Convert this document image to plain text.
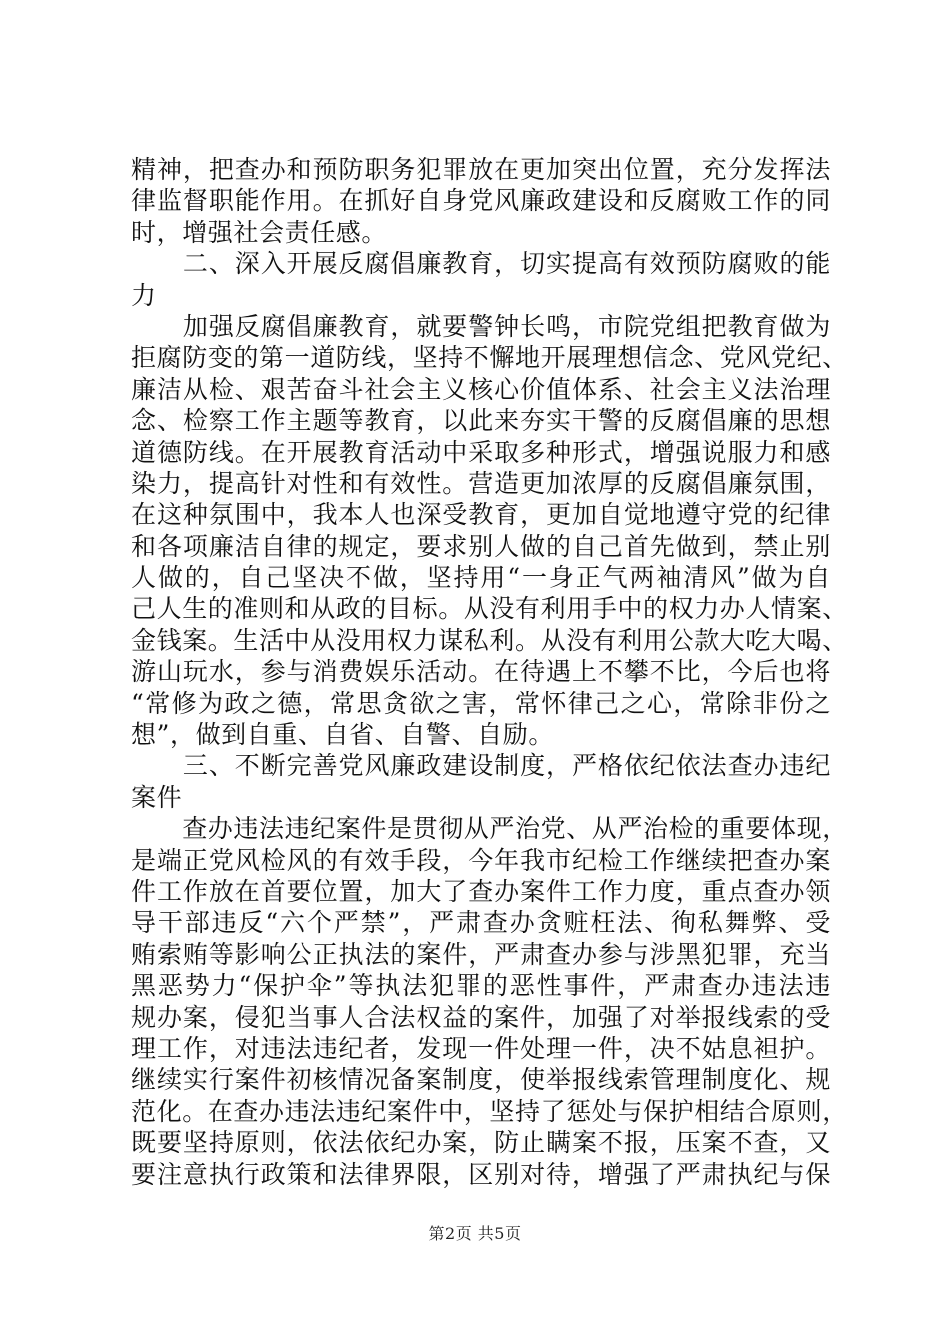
精神，把查办和预防职务犯罪放在更加突出位置，充分发挥法
律监督职能作用。在抓好自身党风廉政建设和反腐败工作的同
时，增强社会责任感。
　　二、深入开展反腐倡廉教育，切实提高有效预防腐败的能
力
　　加强反腐倡廉教育，就要警钟长鸣，市院党组把教育做为
拒腐防变的第一道防线，坚持不懈地开展理想信念、党风党纪、
廉洁从检、艰苦奋斗社会主义核心价值体系、社会主义法治理
念、检察工作主题等教育，以此来夯实干警的反腐倡廉的思想
道德防线。在开展教育活动中采取多种形式，增强说服力和感
染力，提高针对性和有效性。营造更加浓厚的反腐倡廉氛围，
在这种氛围中，我本人也深受教育，更加自觉地遵守党的纪律
和各项廉洁自律的规定，要求别人做的自己首先做到，禁止别
人做的，自己坚决不做，坚持用“一身正气两袖清风”做为自
己人生的准则和从政的目标。从没有利用手中的权力办人情案、
金钱案。生活中从没用权力谋私利。从没有利用公款大吃大喝、
游山玩水，参与消费娱乐活动。在待遇上不攀不比，今后也将
“常修为政之德，常思贪欲之害，常怀律己之心，常除非份之
想”，做到自重、自省、自警、自励。
　　三、不断完善党风廉政建设制度，严格依纪依法查办违纪
案件
　　查办违法违纪案件是贯彻从严治党、从严治检的重要体现，
是端正党风检风的有效手段，今年我市纪检工作继续把查办案
件工作放在首要位置，加大了查办案件工作力度，重点查办领
导干部违反“六个严禁”，严肃查办贪赃枉法、徇私舞弊、受
贿索贿等影响公正执法的案件，严肃查办参与涉黑犯罪，充当
黑恶势力“保护伞”等执法犯罪的恶性事件，严肃查办违法违
规办案，侵犯当事人合法权益的案件，加强了对举报线索的受
理工作，对违法违纪者，发现一件处理一件，决不姑息袒护。
继续实行案件初核情况备案制度，使举报线索管理制度化、规
范化。在查办违法违纪案件中，坚持了惩处与保护相结合原则，
既要坚持原则，依法依纪办案，防止瞒案不报，压案不查，又
要注意执行政策和法律界限，区别对待，增强了严肃执纪与保
第2页 共5页
